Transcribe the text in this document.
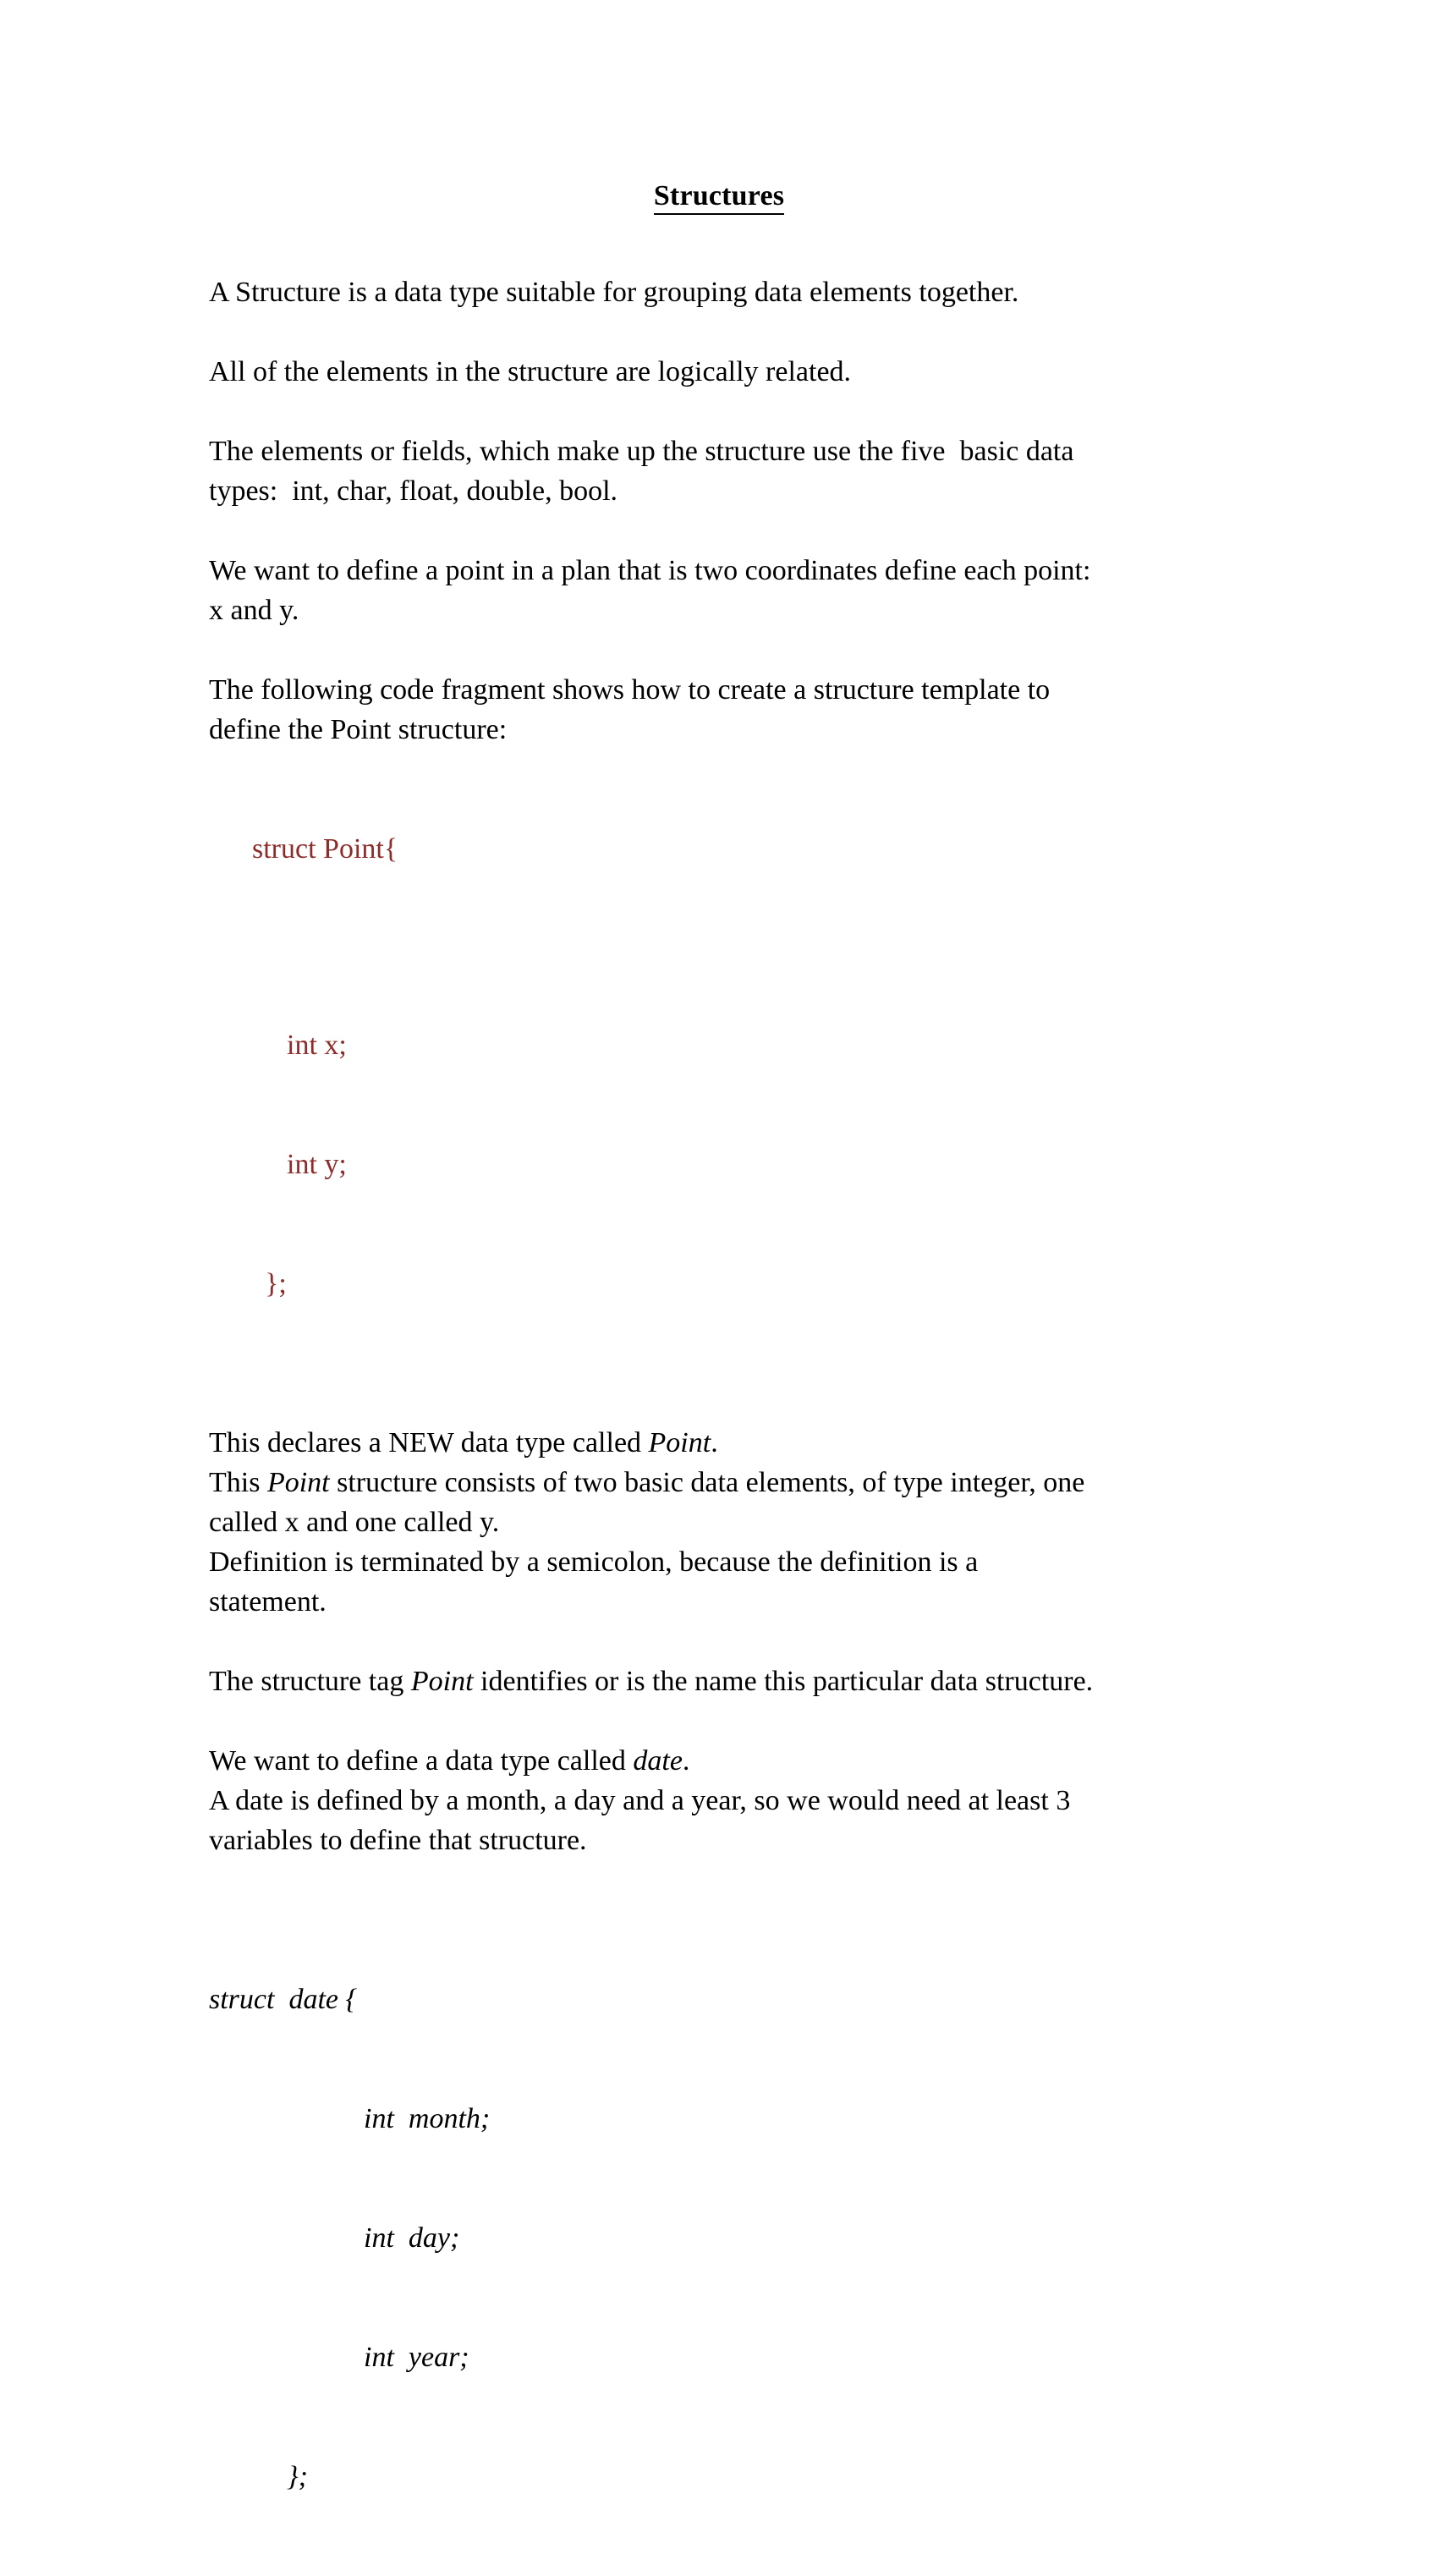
Structures

A Structure is a data type suitable for grouping data elements together.

All of the elements in the structure are logically related.

The elements or fields, which make up the structure use the five  basic data

types:  int, char, float, double, bool.

We want to define a point in a plan that is two coordinates define each point:

x and y.

The following code fragment shows how to create a structure template to

define the Point structure:

struct Point{

int x;

int y;

};

This declares a NEW data type called Point.

This Point structure consists of two basic data elements, of type integer, one

called x and one called y.

Definition is terminated by a semicolon, because the definition is a

statement.

The structure tag Point identifies or is the name this particular data structure.

We want to define a data type called date.

A date is defined by a month, a day and a year, so we would need at least 3

variables to define that structure.

struct  date {

int  month;

int  day;

int  year;

};
